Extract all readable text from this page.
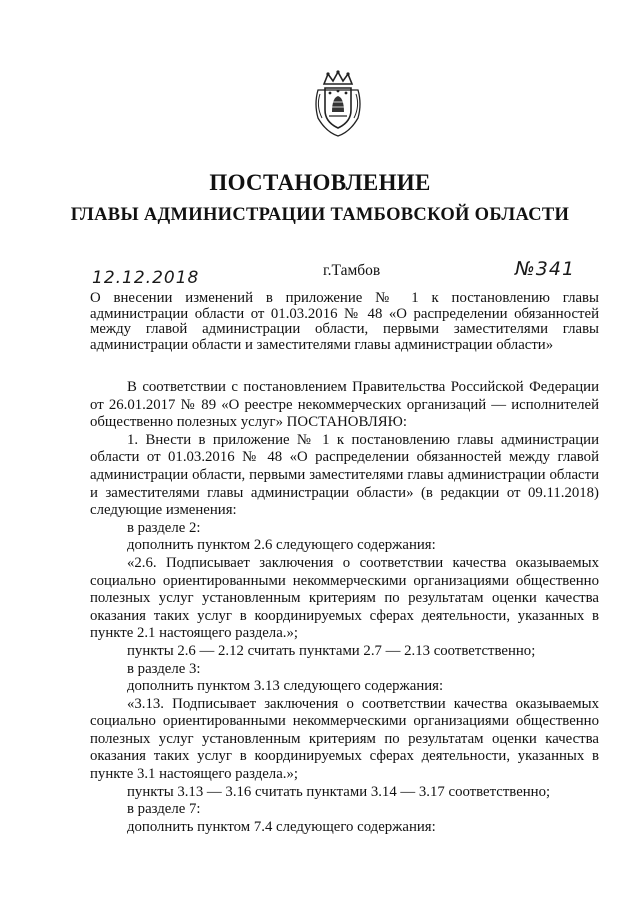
ПОСТАНОВЛЕНИЕ
ГЛАВЫ АДМИНИСТРАЦИИ ТАМБОВСКОЙ ОБЛАСТИ
12.12.2018	г.Тамбов	№341
О внесении изменений в приложение № 1 к постановлению главы администрации области от 01.03.2016 № 48 «О распределении обязанностей между главой администрации области, первыми заместителями главы администрации области и заместителями главы администрации области»

В соответствии с постановлением Правительства Российской Федерации от 26.01.2017 № 89 «О реестре некоммерческих организаций — исполнителей общественно полезных услуг» ПОСТАНОВЛЯЮ:

1. Внести в приложение № 1 к постановлению главы администрации области от 01.03.2016 № 48 «О распределении обязанностей между главой администрации области, первыми заместителями главы администрации области и заместителями главы администрации области» (в редакции от 09.11.2018) следующие изменения:

в разделе 2:

дополнить пунктом 2.6 следующего содержания:

«2.6. Подписывает заключения о соответствии качества оказываемых социально ориентированными некоммерческими организациями общественно полезных услуг установленным критериям по результатам оценки качества оказания таких услуг в координируемых сферах деятельности, указанных в пункте 2.1 настоящего раздела.»;

пункты 2.6 — 2.12 считать пунктами 2.7 — 2.13 соответственно;

в разделе 3:

дополнить пунктом 3.13 следующего содержания:

«3.13. Подписывает заключения о соответствии качества оказываемых социально ориентированными некоммерческими организациями общественно полезных услуг установленным критериям по результатам оценки качества оказания таких услуг в координируемых сферах деятельности, указанных в пункте 3.1 настоящего раздела.»;

пункты 3.13 — 3.16 считать пунктами 3.14 — 3.17 соответственно;

в разделе 7:

дополнить пунктом 7.4 следующего содержания:
